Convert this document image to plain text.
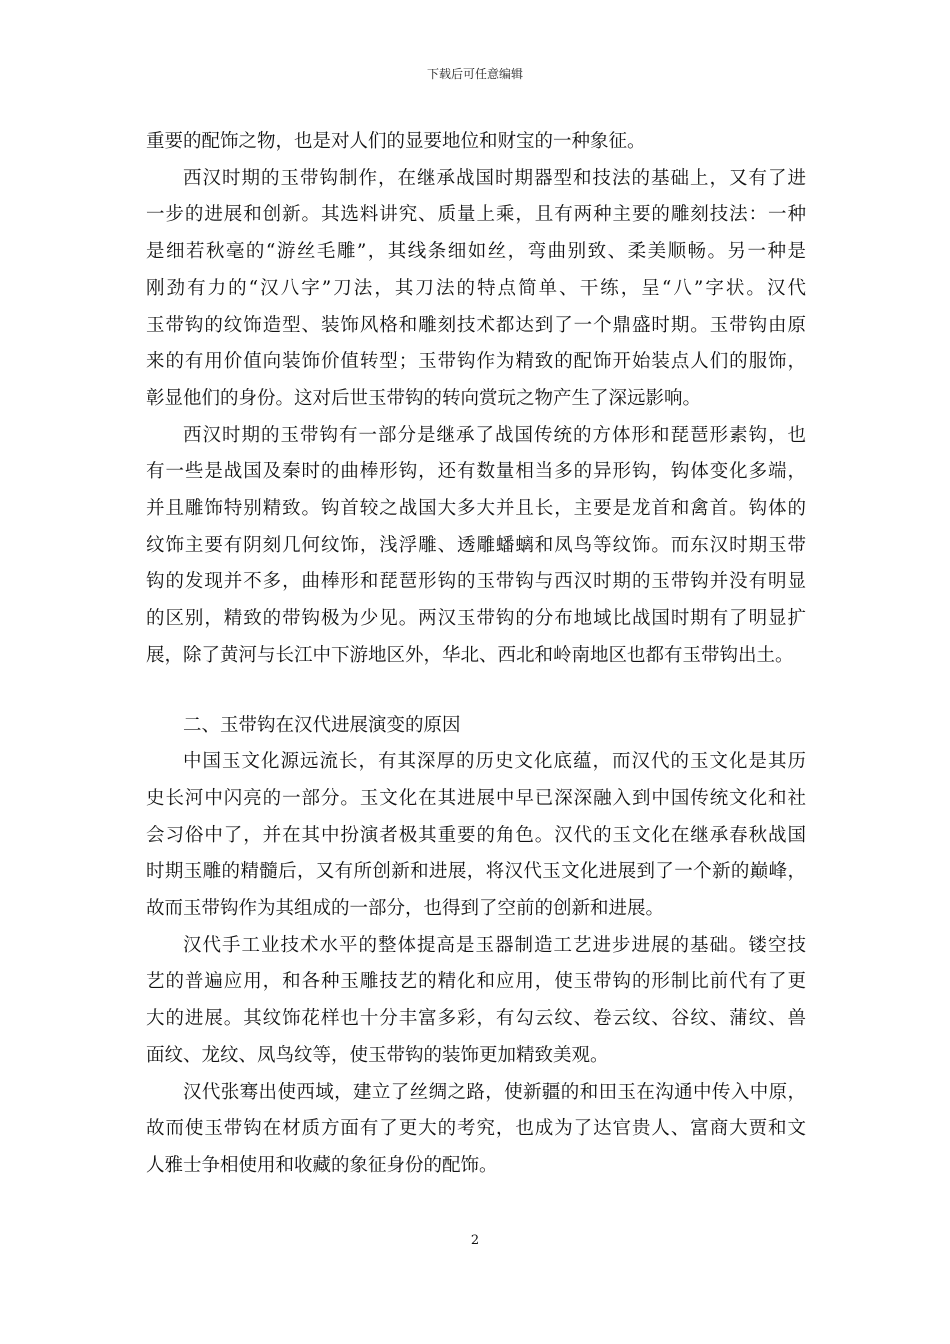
下载后可任意编辑
重要的配饰之物，也是对人们的显要地位和财宝的一种象征。
西汉时期的玉带钩制作，在继承战国时期器型和技法的基础上，又有了进
一步的进展和创新。其选料讲究、质量上乘，且有两种主要的雕刻技法：一种
是细若秋毫的“游丝毛雕”，其线条细如丝，弯曲别致、柔美顺畅。另一种是
刚劲有力的“汉八字”刀法，其刀法的特点简单、干练，呈“八”字状。汉代
玉带钩的纹饰造型、装饰风格和雕刻技术都达到了一个鼎盛时期。玉带钩由原
来的有用价值向装饰价值转型；玉带钩作为精致的配饰开始装点人们的服饰，
彰显他们的身份。这对后世玉带钩的转向赏玩之物产生了深远影响。
西汉时期的玉带钩有一部分是继承了战国传统的方体形和琵琶形素钩，也
有一些是战国及秦时的曲棒形钩，还有数量相当多的异形钩，钩体变化多端，
并且雕饰特别精致。钩首较之战国大多大并且长，主要是龙首和禽首。钩体的
纹饰主要有阴刻几何纹饰，浅浮雕、透雕蟠螭和凤鸟等纹饰。而东汉时期玉带
钩的发现并不多，曲棒形和琵琶形钩的玉带钩与西汉时期的玉带钩并没有明显
的区别，精致的带钩极为少见。两汉玉带钩的分布地域比战国时期有了明显扩
展，除了黄河与长江中下游地区外，华北、西北和岭南地区也都有玉带钩出土。
二、玉带钩在汉代进展演变的原因
中国玉文化源远流长，有其深厚的历史文化底蕴，而汉代的玉文化是其历
史长河中闪亮的一部分。玉文化在其进展中早已深深融入到中国传统文化和社
会习俗中了，并在其中扮演者极其重要的角色。汉代的玉文化在继承春秋战国
时期玉雕的精髓后，又有所创新和进展，将汉代玉文化进展到了一个新的巅峰，
故而玉带钩作为其组成的一部分，也得到了空前的创新和进展。
汉代手工业技术水平的整体提高是玉器制造工艺进步进展的基础。镂空技
艺的普遍应用，和各种玉雕技艺的精化和应用，使玉带钩的形制比前代有了更
大的进展。其纹饰花样也十分丰富多彩，有勾云纹、卷云纹、谷纹、蒲纹、兽
面纹、龙纹、凤鸟纹等，使玉带钩的装饰更加精致美观。
汉代张骞出使西域，建立了丝绸之路，使新疆的和田玉在沟通中传入中原，
故而使玉带钩在材质方面有了更大的考究，也成为了达官贵人、富商大贾和文
人雅士争相使用和收藏的象征身份的配饰。
2
